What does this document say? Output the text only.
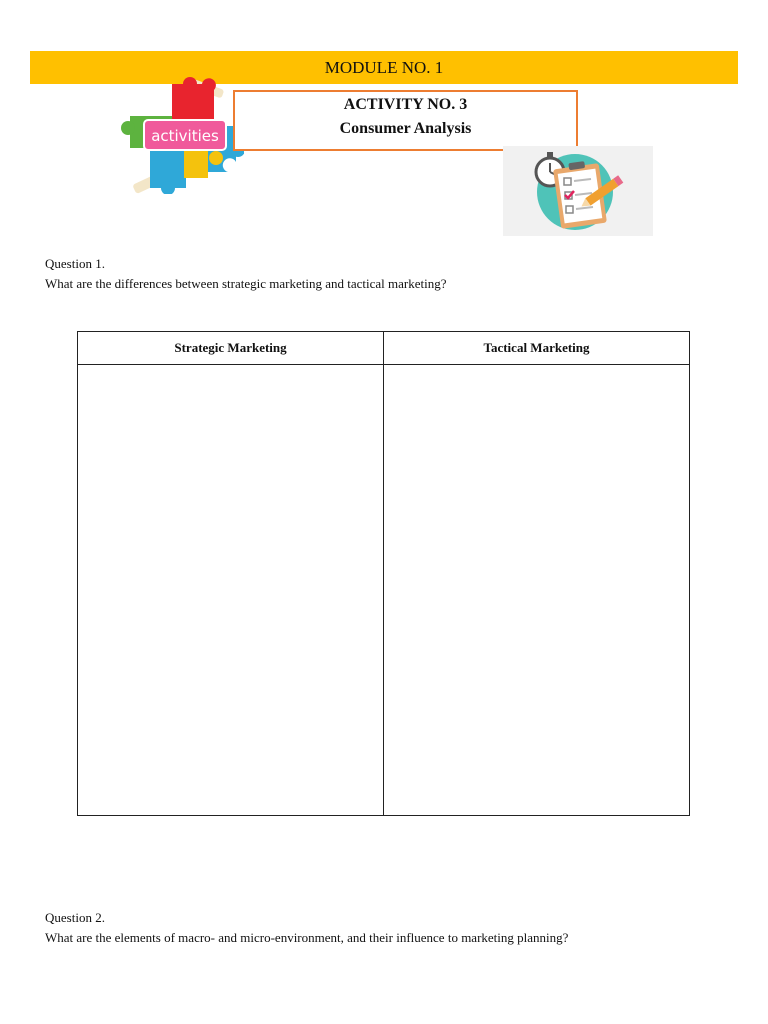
MODULE NO. 1
activities
ACTIVITY NO. 3
Consumer Analysis
Question 1.
What are the differences between strategic marketing and tactical marketing?
Strategic Marketing	Tactical Marketing

Question 2.
What are the elements of macro- and micro-environment, and their influence to marketing planning?
